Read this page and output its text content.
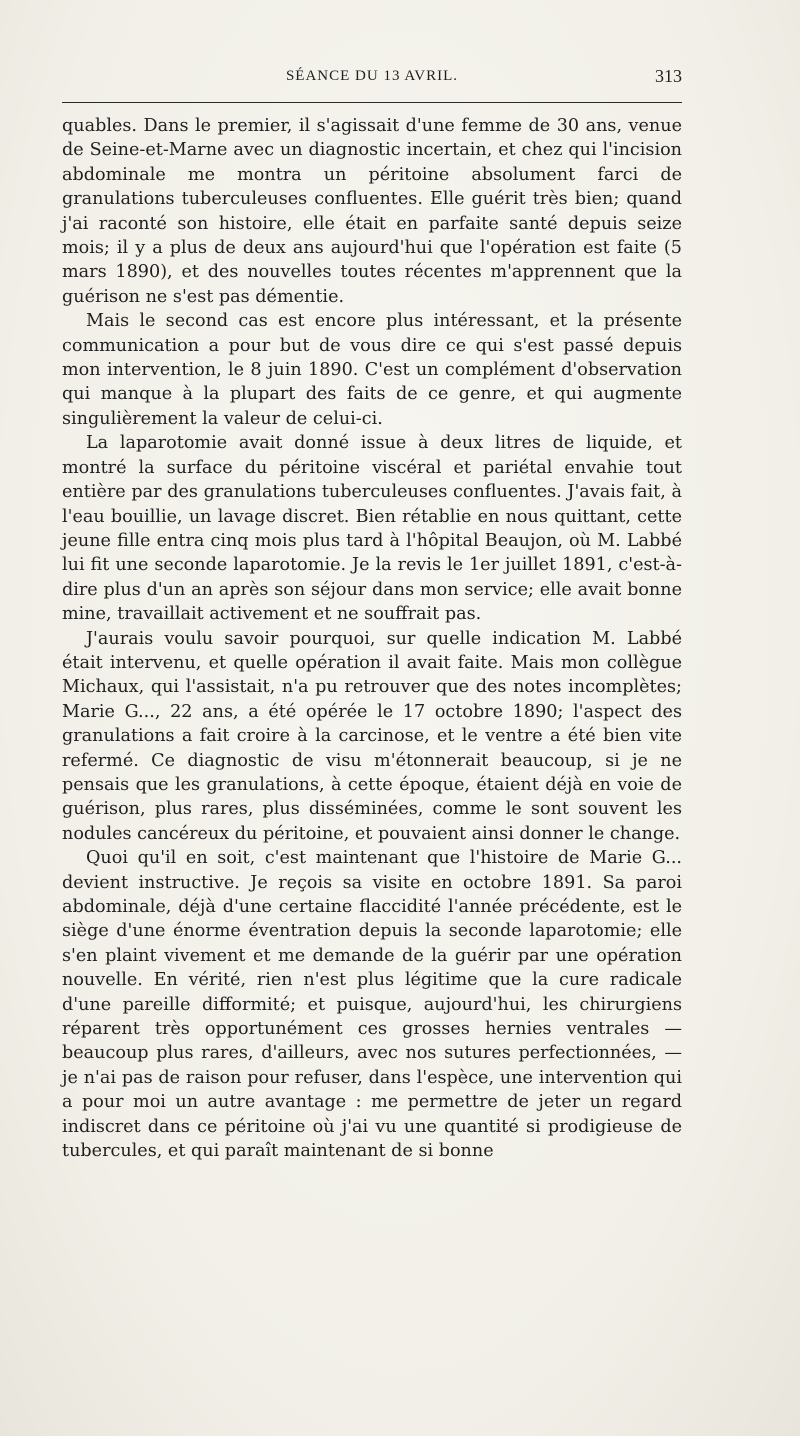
SÉANCE DU 13 AVRIL.	313

quables. Dans le premier, il s'agissait d'une femme de 30 ans, venue de Seine-et-Marne avec un diagnostic incertain, et chez qui l'incision abdominale me montra un péritoine absolument farci de granulations tuberculeuses confluentes. Elle guérit très bien; quand j'ai raconté son histoire, elle était en parfaite santé depuis seize mois; il y a plus de deux ans aujourd'hui que l'opération est faite (5 mars 1890), et des nouvelles toutes récentes m'apprennent que la guérison ne s'est pas démentie.

Mais le second cas est encore plus intéressant, et la présente communication a pour but de vous dire ce qui s'est passé depuis mon intervention, le 8 juin 1890. C'est un complément d'observation qui manque à la plupart des faits de ce genre, et qui augmente singulièrement la valeur de celui-ci.

La laparotomie avait donné issue à deux litres de liquide, et montré la surface du péritoine viscéral et pariétal envahie tout entière par des granulations tuberculeuses confluentes. J'avais fait, à l'eau bouillie, un lavage discret. Bien rétablie en nous quittant, cette jeune fille entra cinq mois plus tard à l'hôpital Beaujon, où M. Labbé lui fit une seconde laparotomie. Je la revis le 1er juillet 1891, c'est-à-dire plus d'un an après son séjour dans mon service; elle avait bonne mine, travaillait activement et ne souffrait pas.

J'aurais voulu savoir pourquoi, sur quelle indication M. Labbé était intervenu, et quelle opération il avait faite. Mais mon collègue Michaux, qui l'assistait, n'a pu retrouver que des notes incomplètes; Marie G..., 22 ans, a été opérée le 17 octobre 1890; l'aspect des granulations a fait croire à la carcinose, et le ventre a été bien vite refermé. Ce diagnostic de visu m'étonnerait beaucoup, si je ne pensais que les granulations, à cette époque, étaient déjà en voie de guérison, plus rares, plus disséminées, comme le sont souvent les nodules cancéreux du péritoine, et pouvaient ainsi donner le change.

Quoi qu'il en soit, c'est maintenant que l'histoire de Marie G... devient instructive. Je reçois sa visite en octobre 1891. Sa paroi abdominale, déjà d'une certaine flaccidité l'année précédente, est le siège d'une énorme éventration depuis la seconde laparotomie; elle s'en plaint vivement et me demande de la guérir par une opération nouvelle. En vérité, rien n'est plus légitime que la cure radicale d'une pareille difformité; et puisque, aujourd'hui, les chirurgiens réparent très opportunément ces grosses hernies ventrales — beaucoup plus rares, d'ailleurs, avec nos sutures perfectionnées, — je n'ai pas de raison pour refuser, dans l'espèce, une intervention qui a pour moi un autre avantage : me permettre de jeter un regard indiscret dans ce péritoine où j'ai vu une quantité si prodigieuse de tubercules, et qui paraît maintenant de si bonne
